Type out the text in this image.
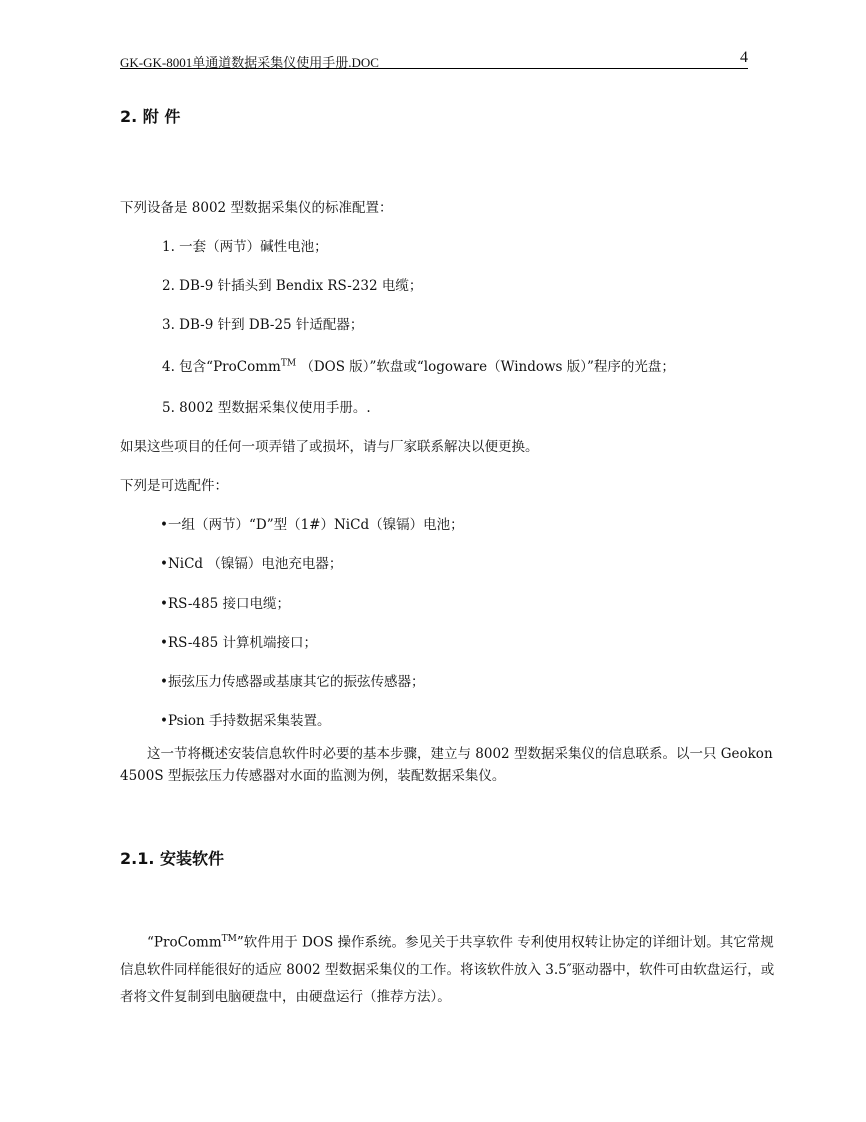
GK-GK-8001单通道数据采集仪使用手册.DOC	4
2. 附 件
下列设备是 8002 型数据采集仪的标准配置：
1. 一套（两节）碱性电池；
2. DB-9 针插头到 Bendix RS-232 电缆；
3. DB-9 针到 DB-25 针适配器；
4. 包含“ProComm™ （DOS 版）”软盘或“logoware（Windows 版）”程序的光盘；
5. 8002 型数据采集仪使用手册。.
如果这些项目的任何一项弄错了或损坏，请与厂家联系解决以便更换。
下列是可选配件：
•一组（两节）“D”型（1#）NiCd（镍镉）电池；
•NiCd （镍镉）电池充电器；
•RS-485 接口电缆；
•RS-485 计算机端接口；
•振弦压力传感器或基康其它的振弦传感器；
•Psion 手持数据采集装置。
这一节将概述安装信息软件时必要的基本步骤，建立与 8002 型数据采集仪的信息联系。以一只 Geokon 4500S 型振弦压力传感器对水面的监测为例，装配数据采集仪。
2.1. 安装软件
“ProComm™”软件用于 DOS 操作系统。参见关于共享软件 专利使用权转让协定的详细计划。其它常规信息软件同样能很好的适应 8002 型数据采集仪的工作。将该软件放入 3.5″驱动器中，软件可由软盘运行，或者将文件复制到电脑硬盘中，由硬盘运行（推荐方法）。
